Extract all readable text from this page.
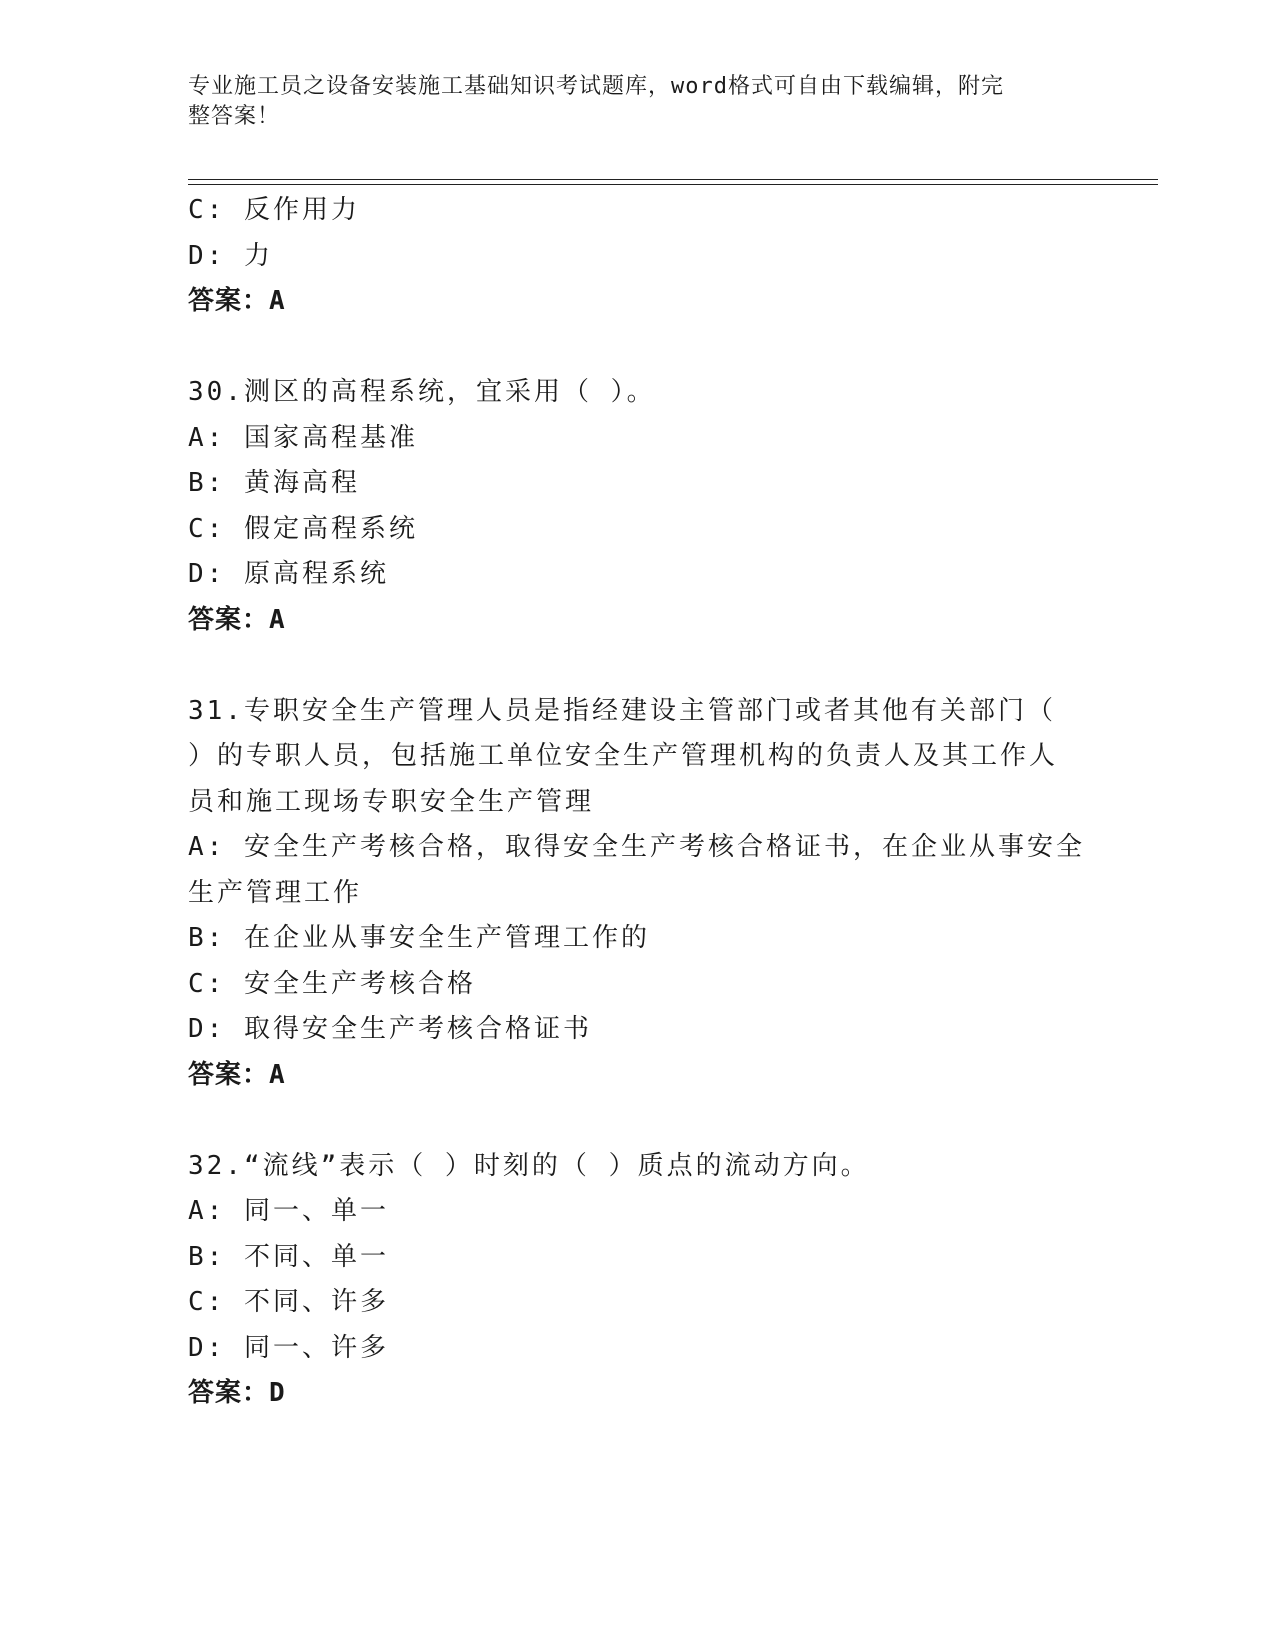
专业施工员之设备安装施工基础知识考试题库，word格式可自由下载编辑，附完
整答案！
C: 反作用力
D: 力
答案：A
30.测区的高程系统，宜采用（ ）。
A: 国家高程基准
B: 黄海高程
C: 假定高程系统
D: 原高程系统
答案：A
31.专职安全生产管理人员是指经建设主管部门或者其他有关部门（
）的专职人员，包括施工单位安全生产管理机构的负责人及其工作人
员和施工现场专职安全生产管理
A: 安全生产考核合格，取得安全生产考核合格证书，在企业从事安全
生产管理工作
B: 在企业从事安全生产管理工作的
C: 安全生产考核合格
D: 取得安全生产考核合格证书
答案：A
32.“流线”表示（ ）时刻的（ ）质点的流动方向。
A: 同一、单一
B: 不同、单一
C: 不同、许多
D: 同一、许多
答案：D
